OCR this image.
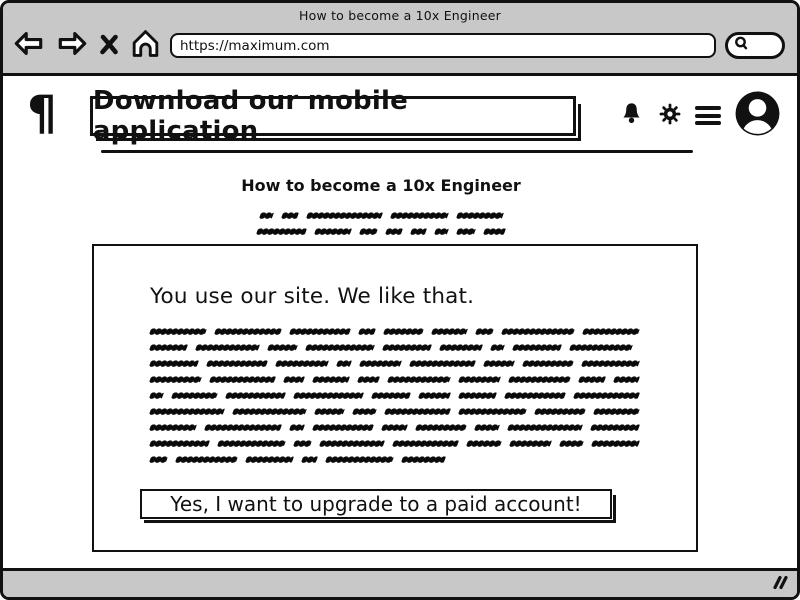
How to become a 10x Engineer
https://maximum.com
¶ Download our mobile application
How to become a 10x Engineer
You use our site. We like that.
Yes, I want to upgrade to a paid account!
